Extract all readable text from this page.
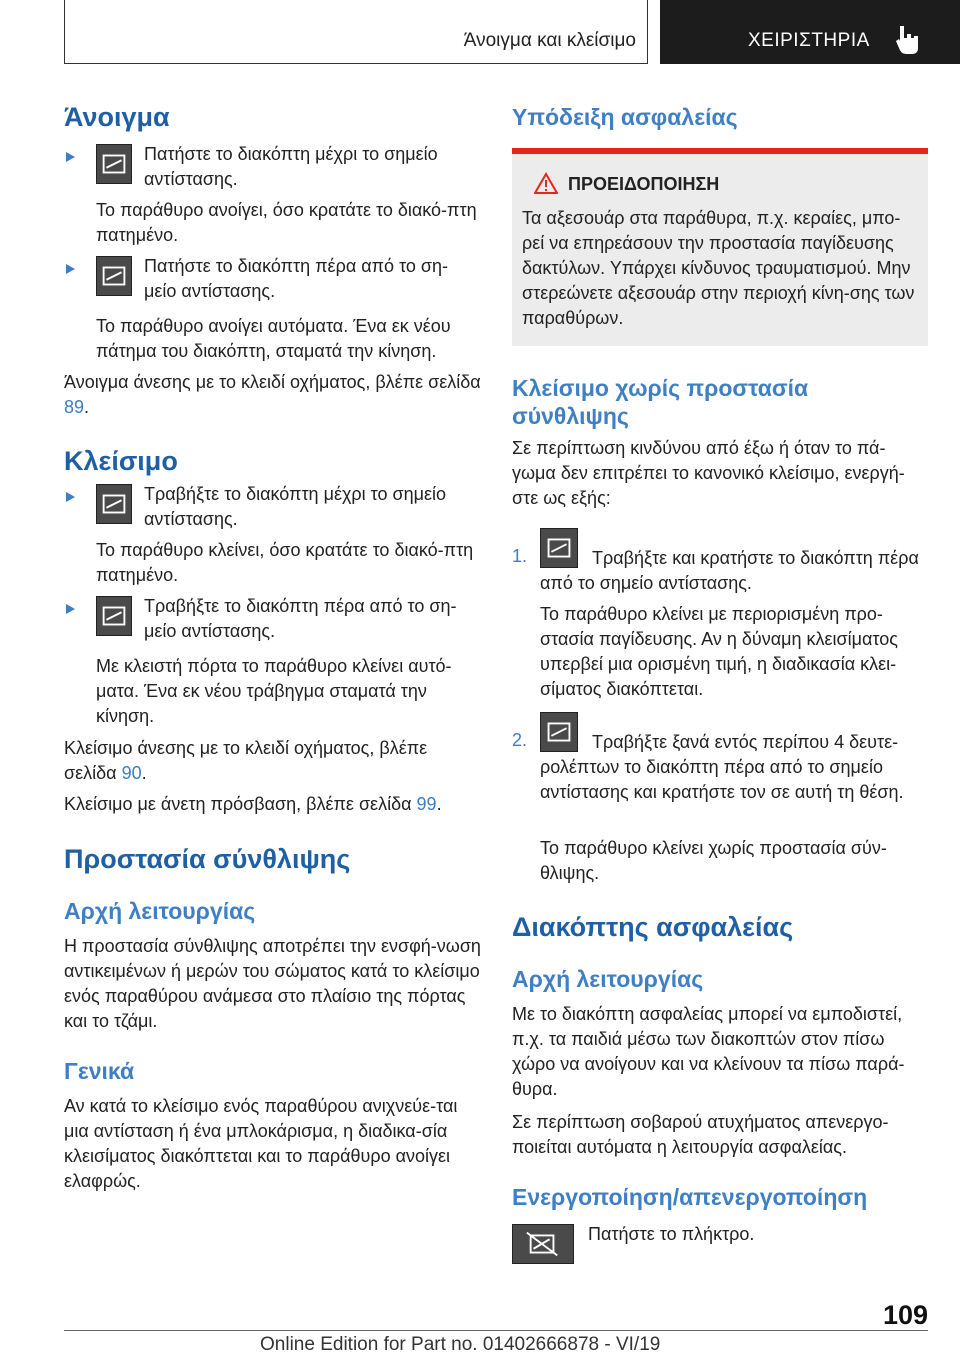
Άνοιγμα και κλείσιμο	ΧΕΙΡΙΣΤΗΡΙΑ
Άνοιγμα
Πατήστε το διακόπτη μέχρι το σημείο αντίστασης.
Το παράθυρο ανοίγει, όσο κρατάτε το διακό-πτη πατημένο.
Πατήστε το διακόπτη πέρα από το ση-μείο αντίστασης.
Το παράθυρο ανοίγει αυτόματα. Ένα εκ νέου πάτημα του διακόπτη, σταματά την κίνηση.
Άνοιγμα άνεσης με το κλειδί οχήματος, βλέπε σελίδα 89.
Κλείσιμο
Τραβήξτε το διακόπτη μέχρι το σημείο αντίστασης.
Το παράθυρο κλείνει, όσο κρατάτε το διακό-πτη πατημένο.
Τραβήξτε το διακόπτη πέρα από το ση-μείο αντίστασης.
Με κλειστή πόρτα το παράθυρο κλείνει αυτό-ματα. Ένα εκ νέου τράβηγμα σταματά την κίνηση.
Κλείσιμο άνεσης με το κλειδί οχήματος, βλέπε σελίδα 90.
Κλείσιμο με άνετη πρόσβαση, βλέπε σελίδα 99.
Προστασία σύνθλιψης
Αρχή λειτουργίας
Η προστασία σύνθλιψης αποτρέπει την ενσφή-νωση αντικειμένων ή μερών του σώματος κατά το κλείσιμο ενός παραθύρου ανάμεσα στο πλαίσιο της πόρτας και το τζάμι.
Γενικά
Αν κατά το κλείσιμο ενός παραθύρου ανιχνεύε-ται μια αντίσταση ή ένα μπλοκάρισμα, η διαδικα-σία κλεισίματος διακόπτεται και το παράθυρο ανοίγει ελαφρώς.
Υπόδειξη ασφαλείας
ΠΡΟΕΙΔΟΠΟΙΗΣΗ
Τα αξεσουάρ στα παράθυρα, π.χ. κεραίες, μπο-ρεί να επηρεάσουν την προστασία παγίδευσης δακτύλων. Υπάρχει κίνδυνος τραυματισμού. Μην στερεώνετε αξεσουάρ στην περιοχή κίνη-σης των παραθύρων.
Κλείσιμο χωρίς προστασία σύνθλιψης
Σε περίπτωση κινδύνου από έξω ή όταν το πά-γωμα δεν επιτρέπει το κανονικό κλείσιμο, ενεργή-στε ως εξής:
1.	Τραβήξτε και κρατήστε το διακόπτη πέρα από το σημείο αντίστασης.
Το παράθυρο κλείνει με περιορισμένη προ-στασία παγίδευσης. Αν η δύναμη κλεισίματος υπερβεί μια ορισμένη τιμή, η διαδικασία κλει-σίματος διακόπτεται.
2.	Τραβήξτε ξανά εντός περίπου 4 δευτε-ρολέπτων το διακόπτη πέρα από το σημείο αντίστασης και κρατήστε τον σε αυτή τη θέση.
Το παράθυρο κλείνει χωρίς προστασία σύν-θλιψης.
Διακόπτης ασφαλείας
Αρχή λειτουργίας
Με το διακόπτη ασφαλείας μπορεί να εμποδιστεί, π.χ. τα παιδιά μέσω των διακοπτών στον πίσω χώρο να ανοίγουν και να κλείνουν τα πίσω παρά-θυρα.
Σε περίπτωση σοβαρού ατυχήματος απενεργο-ποιείται αυτόματα η λειτουργία ασφαλείας.
Ενεργοποίηση/απενεργοποίηση
Πατήστε το πλήκτρο.
109
Online Edition for Part no. 01402666878 - VI/19
